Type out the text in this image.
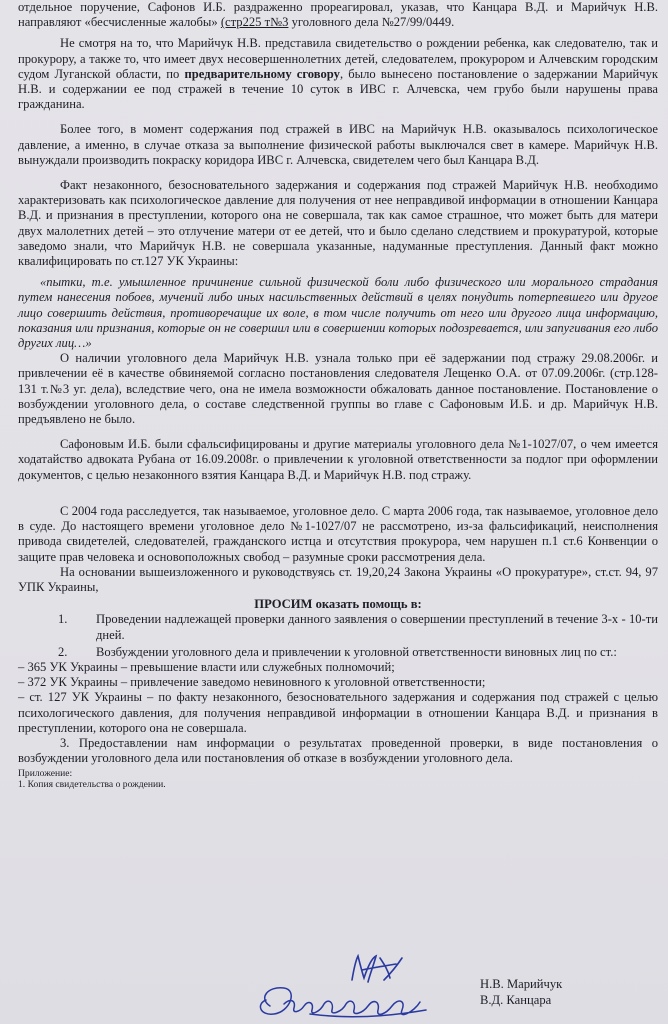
отдельное поручение, Сафонов И.Б. раздраженно прореагировал, указав, что Канцара В.Д. и Марийчук Н.В. направляют «бесчисленные жалобы» (стр225 т№3 уголовного дела №27/99/0449.

Не смотря на то, что Марийчук Н.В. представила свидетельство о рождении ребенка, как следователю, так и прокурору, а также то, что имеет двух несовершеннолетних детей, следователем, прокурором и Алчевским городским судом Луганской области, по предварительному сговору, было вынесено постановление о задержании Марийчук Н.В. и содержании ее под стражей в течение 10 суток в ИВС г. Алчевска, чем грубо были нарушены права гражданина.

Более того, в момент содержания под стражей в ИВС на Марийчук Н.В. оказывалось психологическое давление, а именно, в случае отказа за выполнение физической работы выключался свет в камере. Марийчук Н.В. вынуждали производить покраску коридора ИВС г. Алчевска, свидетелем чего был Канцара В.Д.

Факт незаконного, безосновательного задержания и содержания под стражей Марийчук Н.В. необходимо характеризовать как психологическое давление для получения от нее неправдивой информации в отношении Канцара В.Д. и признания в преступлении, которого она не совершала, так как самое страшное, что может быть для матери двух малолетних детей – это отлучение матери от ее детей, что и было сделано следствием и прокуратурой, которые заведомо знали, что Марийчук Н.В. не совершала указанные, надуманные преступления. Данный факт можно квалифицировать по ст.127 УК Украины:

«пытки, т.е. умышленное причинение сильной физической боли либо физического или морального страдания путем нанесения побоев, мучений либо иных насильственных действий в целях понудить потерпевшего или другое лицо совершить действия, противоречащие их воле, в том числе получить от него или другого лица информацию, показания или признания, которые он не совершил или в совершении которых подозревается, или запугивания его либо других лиц…»

О наличии уголовного дела Марийчук Н.В. узнала только при её задержании под стражу 29.08.2006г. и привлечении её в качестве обвиняемой согласно постановления следователя Лещенко О.А. от 07.09.2006г. (стр.128-131 т.№3 уг. дела), вследствие чего, она не имела возможности обжаловать данное постановление. Постановление о возбуждении уголовного дела, о составе следственной группы во главе с Сафоновым И.Б. и др. Марийчук Н.В. предъявлено не было.

Сафоновым И.Б. были сфальсифицированы и другие материалы уголовного дела №1-1027/07, о чем имеется ходатайство адвоката Рубана от 16.09.2008г. о привлечении к уголовной ответственности за подлог при оформлении документов, с целью незаконного взятия Канцара В.Д. и Марийчук Н.В. под стражу.

С 2004 года расследуется, так называемое, уголовное дело. С марта 2006 года, так называемое, уголовное дело в суде. До настоящего времени уголовное дело №1-1027/07 не рассмотрено, из-за фальсификаций, неисполнения привода свидетелей, следователей, гражданского истца и отсутствия прокурора, чем нарушен п.1 ст.6 Конвенции о защите прав человека и основоположных свобод – разумные сроки рассмотрения дела.

На основании вышеизложенного и руководствуясь ст. 19,20,24 Закона Украины «О прокуратуре», ст.ст. 94, 97 УПК Украины,

ПРОСИМ оказать помощь в:

1.	Проведении надлежащей проверки данного заявления о совершении преступлений в течение 3-х - 10-ти дней.
2.	Возбуждении уголовного дела и привлечении к уголовной ответственности виновных лиц по ст.:

– 365 УК Украины – превышение власти или служебных полномочий;

– 372 УК Украины – привлечение заведомо невиновного к уголовной ответственности;

– ст. 127 УК Украины – по факту незаконного, безосновательного задержания и содержания под стражей с целью психологического давления, для получения неправдивой информации в отношении Канцара В.Д. и признания в преступлении, которого она не совершала.

3. Предоставлении нам информации о результатах проведенной проверки, в виде постановления о возбуждении уголовного дела или постановления об отказе в возбуждении уголовного дела.

Приложение:
1. Копия свидетельства о рождении.
Н.В. Марийчук
В.Д. Канцара
